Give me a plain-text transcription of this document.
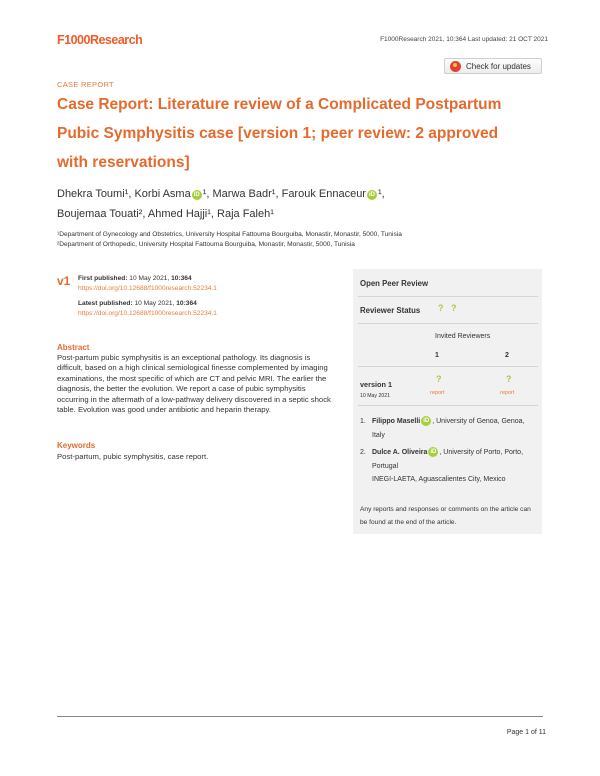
F1000Research	F1000Research 2021, 10:364 Last updated: 21 OCT 2021
Check for updates
CASE REPORT
Case Report: Literature review of a Complicated Postpartum Pubic Symphysitis case [version 1; peer review: 2 approved with reservations]
Dhekra Toumi¹, Korbi Asma iD ¹, Marwa Badr¹, Farouk Ennaceur iD ¹,
Boujemaa Touati², Ahmed Hajji¹, Raja Faleh¹
¹Department of Gynecology and Obstetrics, University Hospital Fattouma Bourguiba, Monastir, Monastir, 5000, Tunisia
²Department of Orthopedic, University Hospital Fattouma Bourguiba, Monastir, Monastir, 5000, Tunisia
v1 First published: 10 May 2021, 10:364
https://doi.org/10.12688/f1000research.52234.1
Latest published: 10 May 2021, 10:364
https://doi.org/10.12688/f1000research.52234.1
Abstract
Post-partum pubic symphysitis is an exceptional pathology. Its diagnosis is difficult, based on a high clinical semiological finesse complemented by imaging examinations, the most specific of which are CT and pelvic MRI. The earlier the diagnosis, the better the evolution. We report a case of pubic symphysitis occurring in the aftermath of a low-pathway delivery discovered in a septic shock table. Evolution was good under antibiotic and heparin therapy.
Keywords
Post-partum, pubic symphysitis, case report.
Open Peer Review
Reviewer Status ? ?
Invited Reviewers
1	2
version 1
10 May 2021
?	?
report	report
1. Filippo Maselli iD , University of Genoa, Genoa, Italy
2. Dulce A. Oliveira iD , University of Porto, Porto, Portugal
INEGI-LAETA, Aguascalientes City, Mexico
Any reports and responses or comments on the article can be found at the end of the article.
Page 1 of 11
